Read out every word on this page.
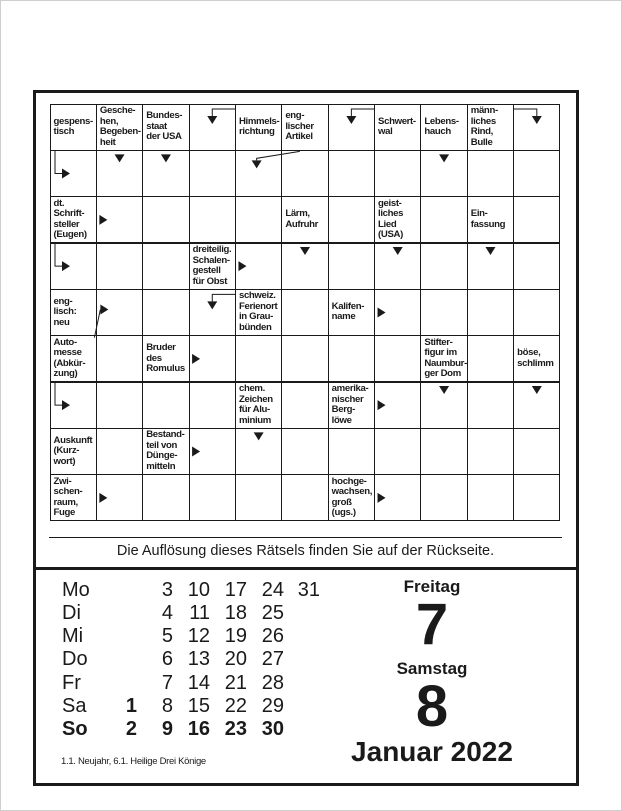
gespens-
tisch
Gesche-
hen,
Begeben-
heit
Bundes-
staat
der USA
Himmels-
richtung
eng-
lischer
Artikel
Schwert-
wal
Lebens-
hauch
männ-
liches
Rind,
Bulle
dt.
Schrift-
steller
(Eugen)
Lärm,
Aufruhr
geist-
liches
Lied
(USA)
Ein-
fassung
dreiteilig.
Schalen-
gestell
für Obst
eng-
lisch:
neu
schweiz.
Ferienort
in Grau-
bünden
Kalifen-
name
Auto-
messe
(Abkür-
zung)
Bruder
des
Romulus
Stifter-
figur im
Naumbur-
ger Dom
böse,
schlimm
chem.
Zeichen
für Alu-
minium
amerika-
nischer
Berg-
löwe
Auskunft
(Kurz-
wort)
Bestand-
teil von
Dünge-
mitteln
Zwi-
schen-
raum,
Fuge
hochge-
wachsen,
groß
(ugs.)
Die Auflösung dieses Rätsels finden Sie auf der Rückseite.
Mo
Di
Mi
Do
Fr
Sa
So
1
2
3
4
5
6
7
8
9
10
11
12
13
14
15
16
17
18
19
20
21
22
23
24
25
26
27
28
29
30
31
1.1. Neujahr, 6.1. Heilige Drei Könige
Freitag
7
Samstag
8
Januar 2022
